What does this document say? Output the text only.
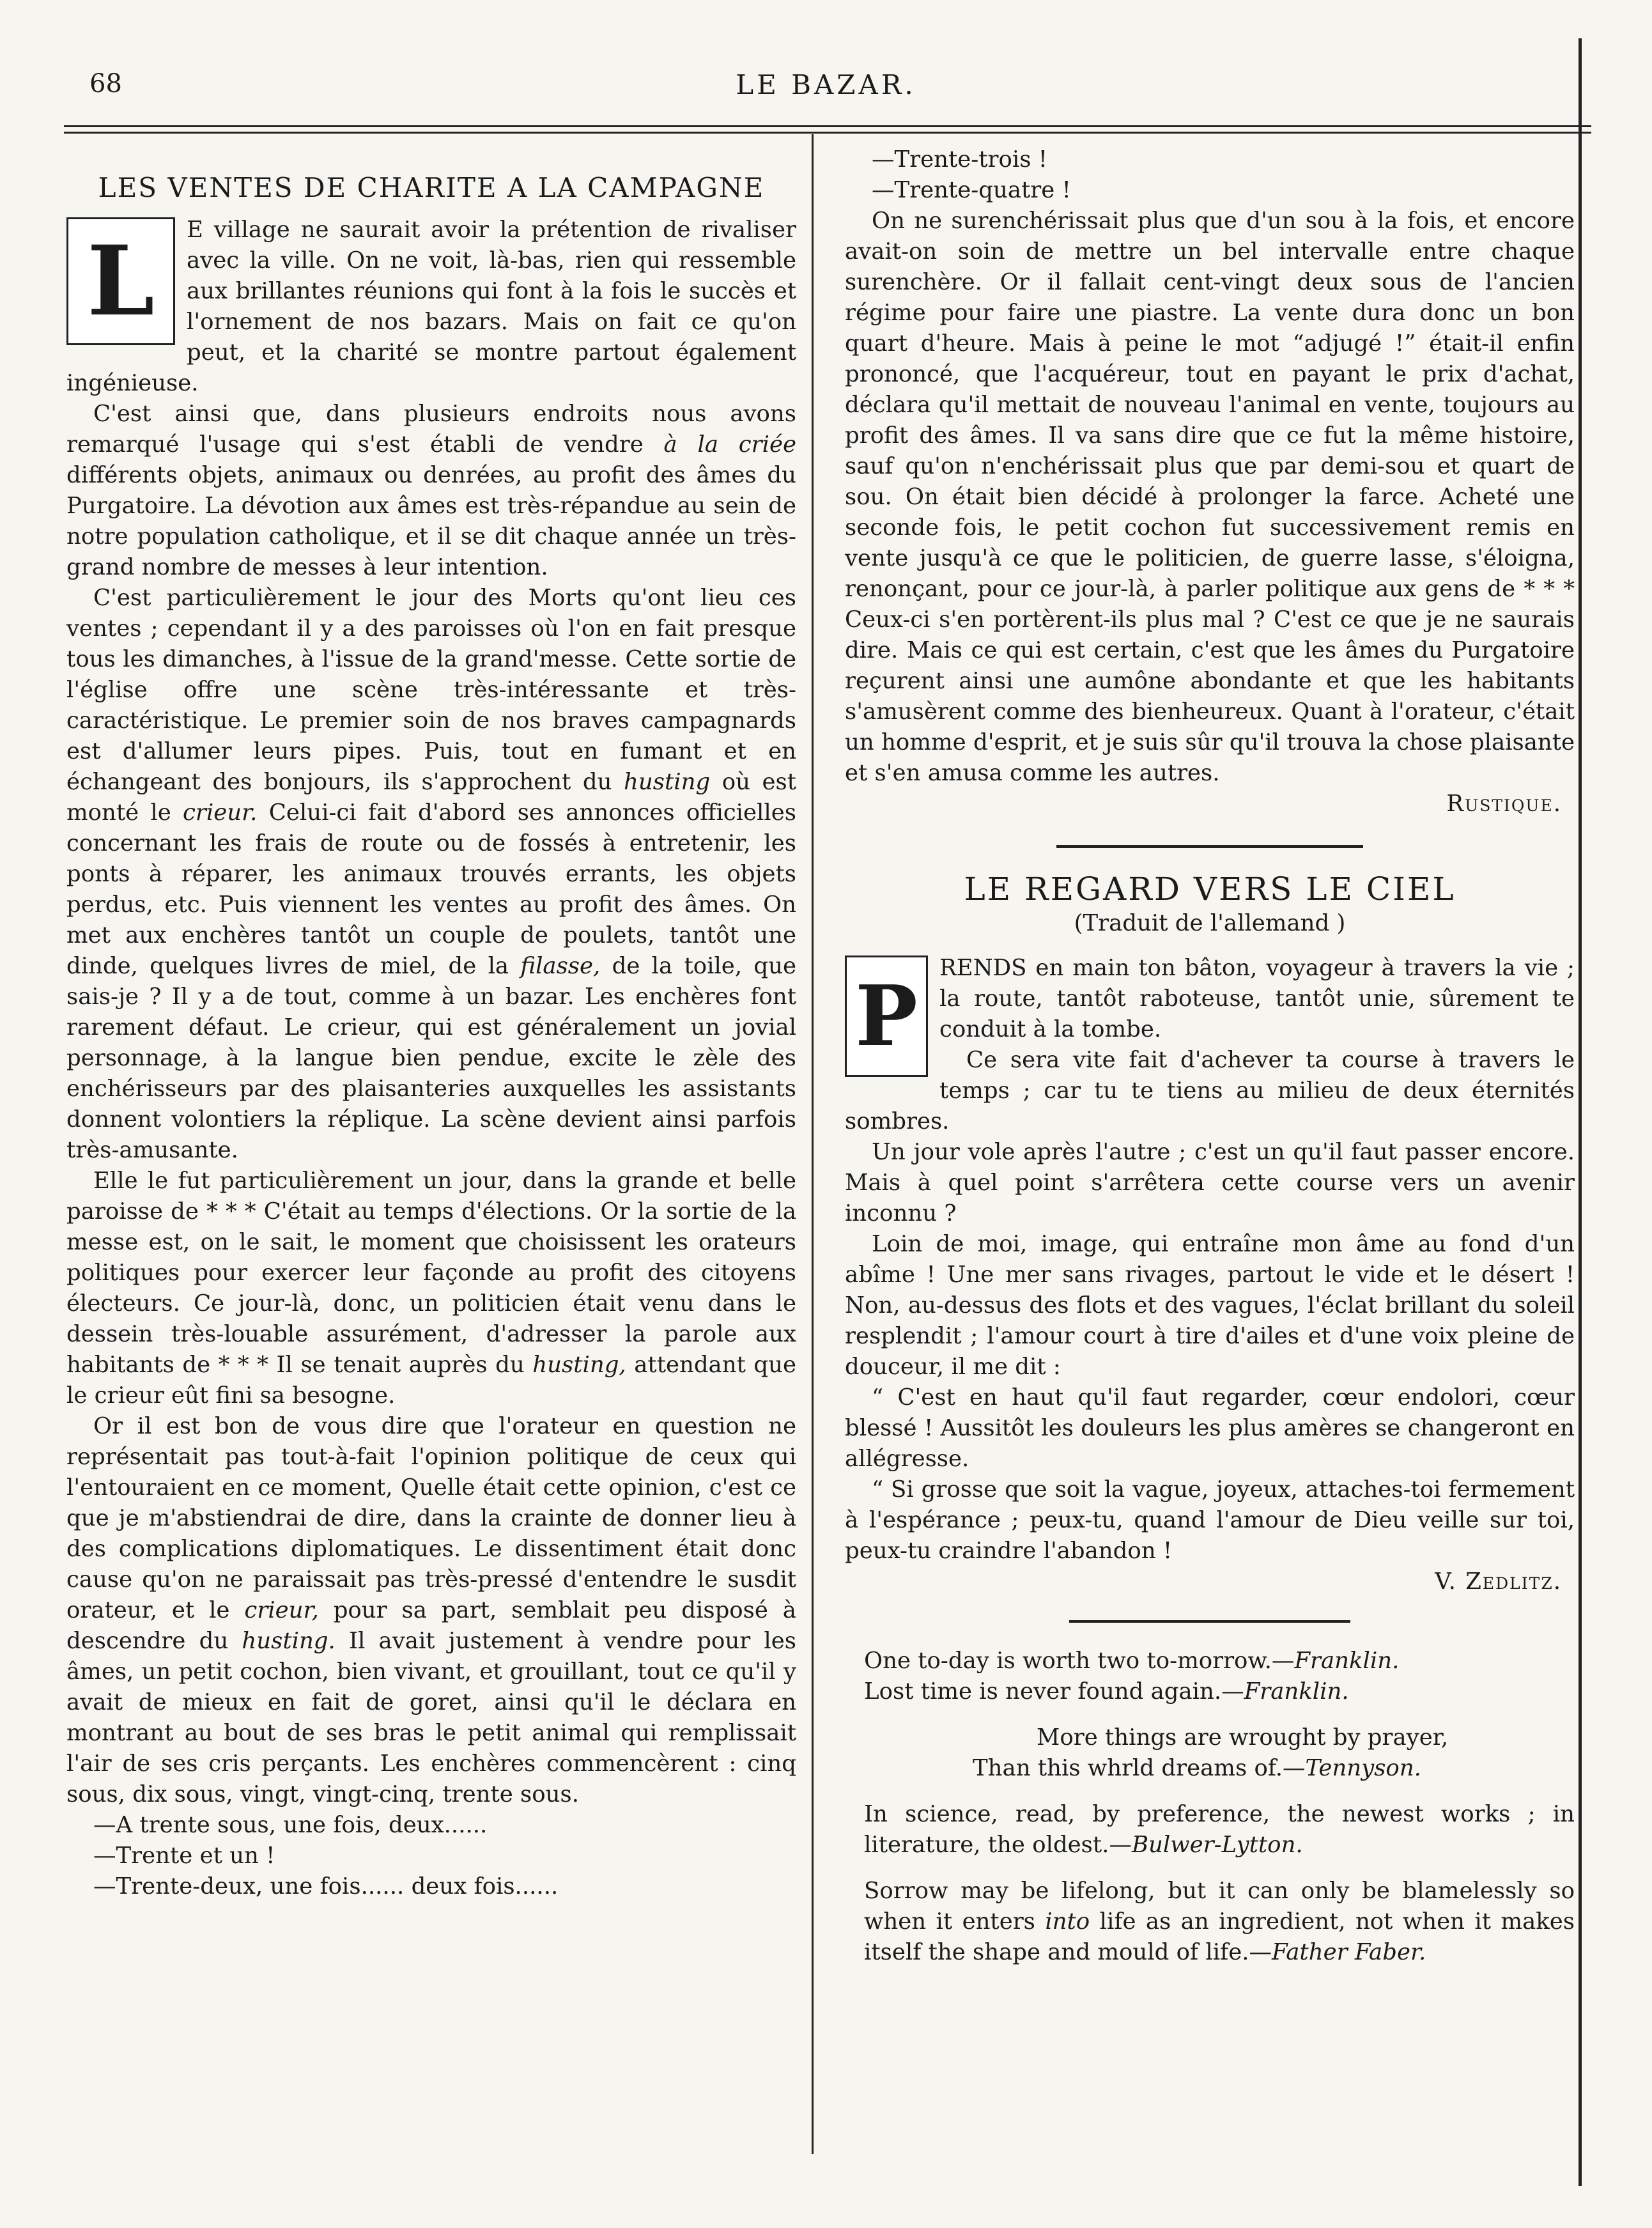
68	LE BAZAR.
LES VENTES DE CHARITE A LA CAMPAGNE

L	E village ne saurait avoir la prétention de rivaliser avec la ville. On ne voit, là-bas, rien qui ressemble aux brillantes réunions qui font à la fois le succès et l'ornement de nos bazars. Mais on fait ce qu'on peut, et la charité se montre partout également ingénieuse.

C'est ainsi que, dans plusieurs endroits nous avons remarqué l'usage qui s'est établi de vendre à la criée différents objets, animaux ou denrées, au profit des âmes du Purgatoire. La dévotion aux âmes est très-répandue au sein de notre population catholique, et il se dit chaque année un très-grand nombre de messes à leur intention.

C'est particulièrement le jour des Morts qu'ont lieu ces ventes ; cependant il y a des paroisses où l'on en fait presque tous les dimanches, à l'issue de la grand'messe. Cette sortie de l'église offre une scène très-intéressante et très-caractéristique. Le premier soin de nos braves campagnards est d'allumer leurs pipes. Puis, tout en fumant et en échangeant des bonjours, ils s'approchent du husting où est monté le crieur. Celui-ci fait d'abord ses annonces officielles concernant les frais de route ou de fossés à entretenir, les ponts à réparer, les animaux trouvés errants, les objets perdus, etc. Puis viennent les ventes au profit des âmes. On met aux enchères tantôt un couple de poulets, tantôt une dinde, quelques livres de miel, de la filasse, de la toile, que sais-je ? Il y a de tout, comme à un bazar. Les enchères font rarement défaut. Le crieur, qui est généralement un jovial personnage, à la langue bien pendue, excite le zèle des enchérisseurs par des plaisanteries auxquelles les assistants donnent volontiers la réplique. La scène devient ainsi parfois très-amusante.

Elle le fut particulièrement un jour, dans la grande et belle paroisse de * * * C'était au temps d'élections. Or la sortie de la messe est, on le sait, le moment que choisissent les orateurs politiques pour exercer leur façonde au profit des citoyens électeurs. Ce jour-là, donc, un politicien était venu dans le dessein très-louable assurément, d'adresser la parole aux habitants de * * * Il se tenait auprès du husting, attendant que le crieur eût fini sa besogne.

Or il est bon de vous dire que l'orateur en question ne représentait pas tout-à-fait l'opinion politique de ceux qui l'entouraient en ce moment, Quelle était cette opinion, c'est ce que je m'abstiendrai de dire, dans la crainte de donner lieu à des complications diplomatiques. Le dissentiment était donc cause qu'on ne paraissait pas très-pressé d'entendre le susdit orateur, et le crieur, pour sa part, semblait peu disposé à descendre du husting. Il avait justement à vendre pour les âmes, un petit cochon, bien vivant, et grouillant, tout ce qu'il y avait de mieux en fait de goret, ainsi qu'il le déclara en montrant au bout de ses bras le petit animal qui remplissait l'air de ses cris perçants. Les enchères commencèrent : cinq sous, dix sous, vingt, vingt-cinq, trente sous.

—A trente sous, une fois, deux......

—Trente et un !

—Trente-deux, une fois...... deux fois......

—Trente-trois !

—Trente-quatre !

On ne surenchérissait plus que d'un sou à la fois, et encore avait-on soin de mettre un bel intervalle entre chaque surenchère. Or il fallait cent-vingt deux sous de l'ancien régime pour faire une piastre. La vente dura donc un bon quart d'heure. Mais à peine le mot “adjugé !” était-il enfin prononcé, que l'acquéreur, tout en payant le prix d'achat, déclara qu'il mettait de nouveau l'animal en vente, toujours au profit des âmes. Il va sans dire que ce fut la même histoire, sauf qu'on n'enchérissait plus que par demi-sou et quart de sou. On était bien décidé à prolonger la farce. Acheté une seconde fois, le petit cochon fut successivement remis en vente jusqu'à ce que le politicien, de guerre lasse, s'éloigna, renonçant, pour ce jour-là, à parler politique aux gens de * * * Ceux-ci s'en portèrent-ils plus mal ? C'est ce que je ne saurais dire. Mais ce qui est certain, c'est que les âmes du Purgatoire reçurent ainsi une aumône abondante et que les habitants s'amusèrent comme des bienheureux. Quant à l'orateur, c'était un homme d'esprit, et je suis sûr qu'il trouva la chose plaisante et s'en amusa comme les autres.

Rustique.

LE REGARD VERS LE CIEL
(Traduit de l'allemand )

P RENDS en main ton bâton, voyageur à travers la vie ; la route, tantôt raboteuse, tantôt unie, sûrement te conduit à la tombe.

Ce sera vite fait d'achever ta course à travers le temps ; car tu te tiens au milieu de deux éternités sombres.

Un jour vole après l'autre ; c'est un qu'il faut passer encore. Mais à quel point s'arrêtera cette course vers un avenir inconnu ?

Loin de moi, image, qui entraîne mon âme au fond d'un abîme ! Une mer sans rivages, partout le vide et le désert ! Non, au-dessus des flots et des vagues, l'éclat brillant du soleil resplendit ; l'amour court à tire d'ailes et d'une voix pleine de douceur, il me dit :

“ C'est en haut qu'il faut regarder, cœur endolori, cœur blessé ! Aussitôt les douleurs les plus amères se changeront en allégresse.

“ Si grosse que soit la vague, joyeux, attaches-toi fermement à l'espérance ; peux-tu, quand l'amour de Dieu veille sur toi, peux-tu craindre l'abandon !

V. Zedlitz.

One to-day is worth two to-morrow.—Franklin.

Lost time is never found again.—Franklin.

More things are wrought by prayer,

Than this whrld dreams of.—Tennyson.

In science, read, by preference, the newest works ; in literature, the oldest.—Bulwer-Lytton.

Sorrow may be lifelong, but it can only be blamelessly so when it enters into life as an ingredient, not when it makes itself the shape and mould of life.—Father Faber.
